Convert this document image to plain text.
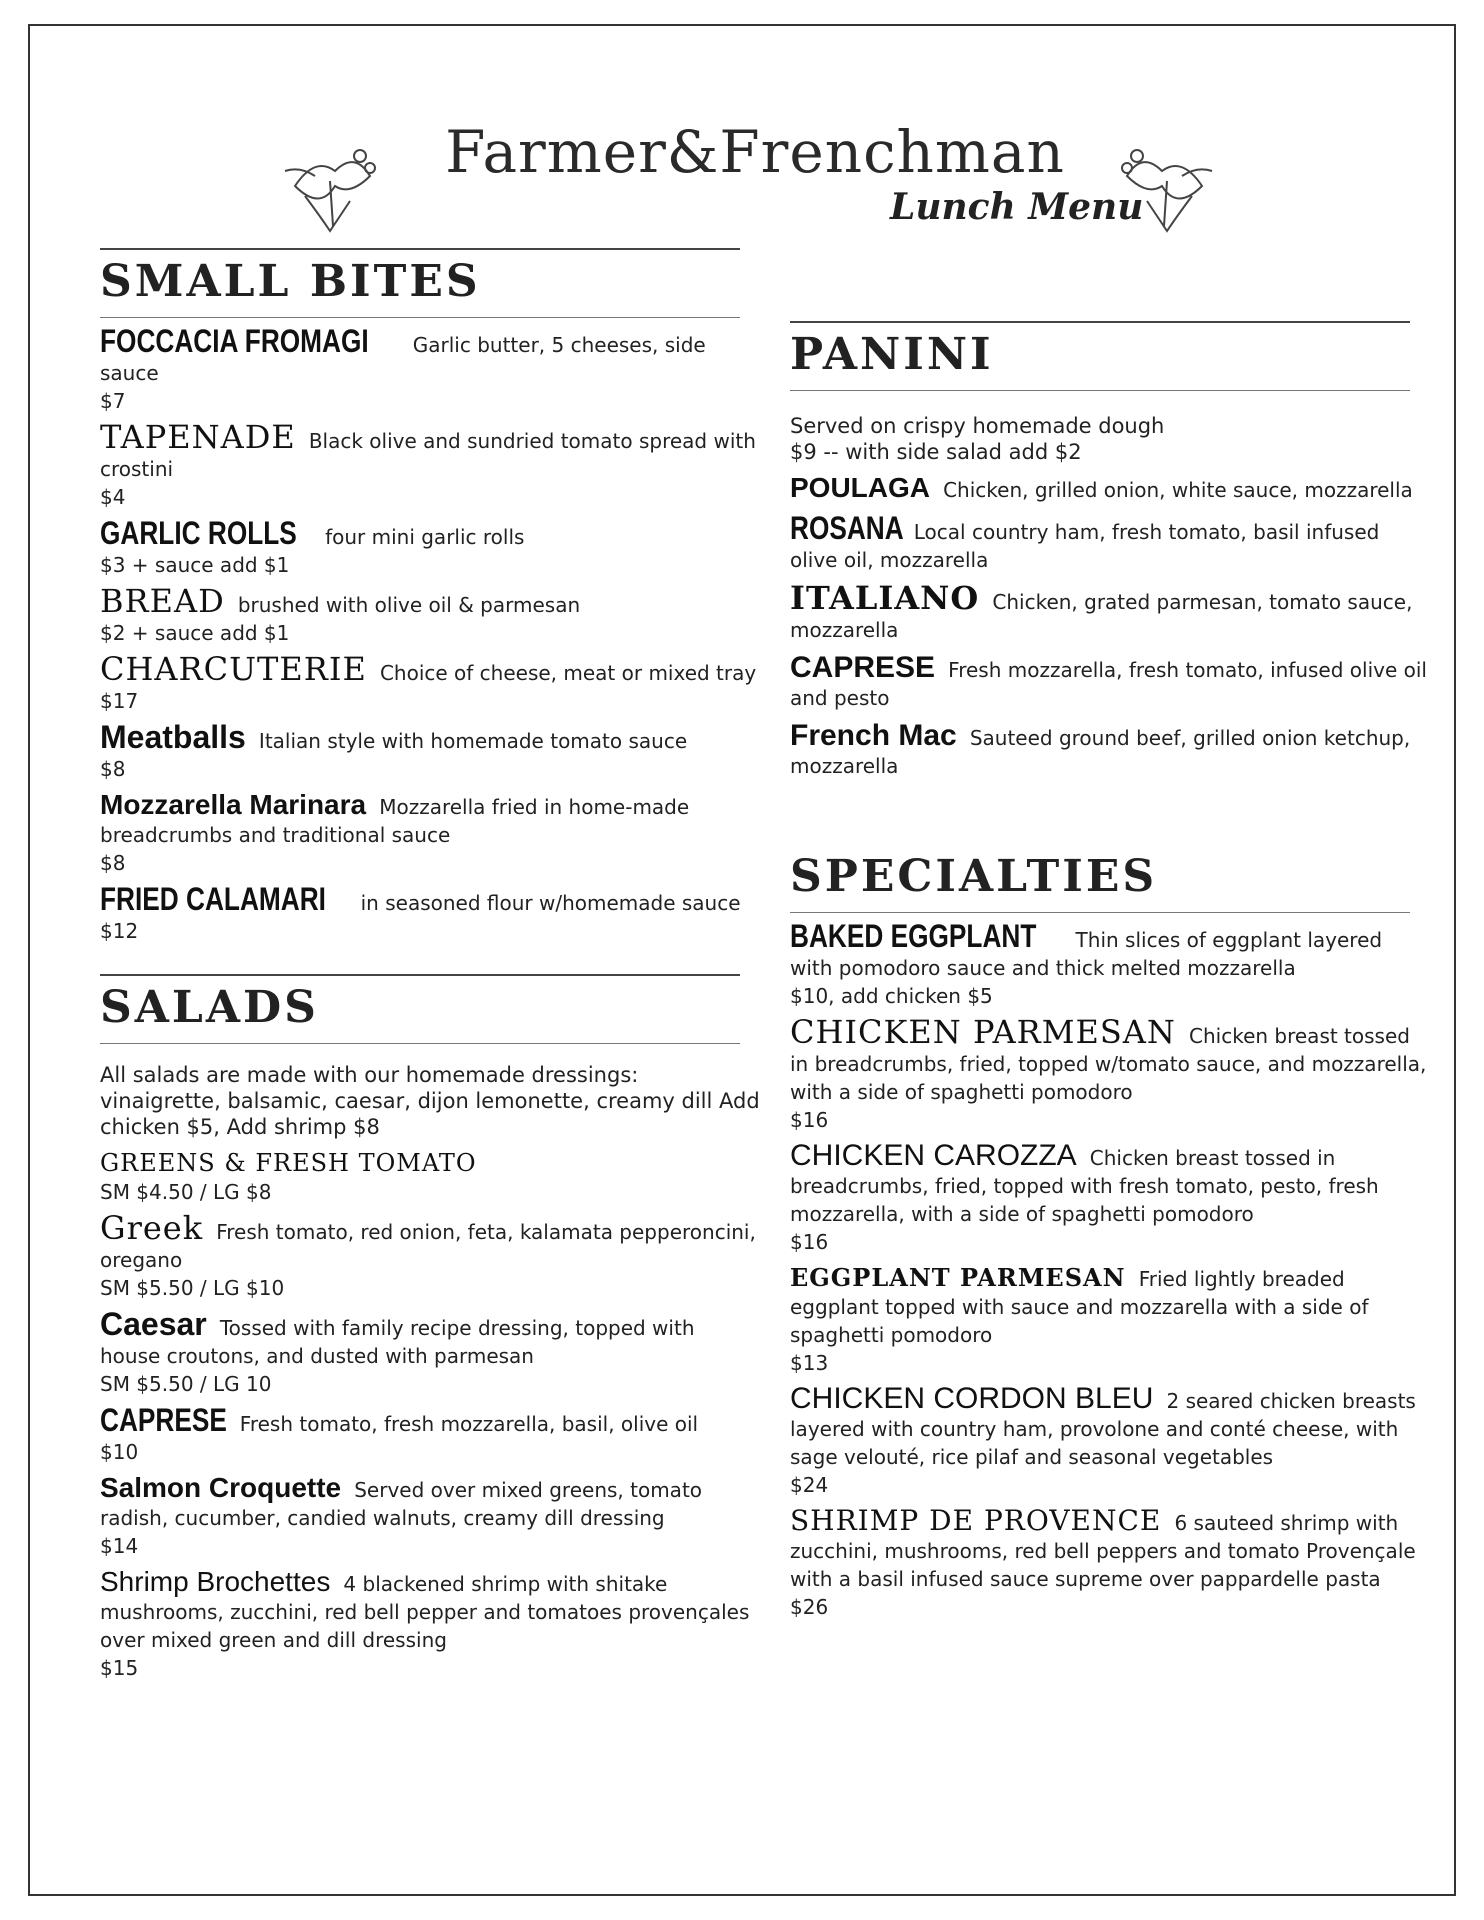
Farmer&Frenchman
Lunch Menu
SMALL BITES
FOCCACIA FROMAGI Garlic butter, 5 cheeses, side sauce
$7
TAPENADE Black olive and sundried tomato spread with crostini
$4
GARLIC ROLLS four mini garlic rolls
$3 + sauce add $1
BREAD brushed with olive oil & parmesan
$2 + sauce add $1
CHARCUTERIE Choice of cheese, meat or mixed tray
$17
Meatballs Italian style with homemade tomato sauce
$8
Mozzarella Marinara Mozzarella fried in home-made breadcrumbs and traditional sauce
$8
FRIED CALAMARI in seasoned flour w/homemade sauce
$12
SALADS
All salads are made with our homemade dressings: vinaigrette, balsamic, caesar, dijon lemonette, creamy dill Add chicken $5, Add shrimp $8
GREENS & FRESH TOMATO
SM $4.50 / LG $8
Greek Fresh tomato, red onion, feta, kalamata pepperoncini, oregano
SM $5.50 / LG $10
Caesar Tossed with family recipe dressing, topped with house croutons, and dusted with parmesan
SM $5.50 / LG 10
CAPRESE Fresh tomato, fresh mozzarella, basil, olive oil
$10
Salmon Croquette Served over mixed greens, tomato radish, cucumber, candied walnuts, creamy dill dressing
$14
Shrimp Brochettes 4 blackened shrimp with shitake mushrooms, zucchini, red bell pepper and tomatoes provençales over mixed green and dill dressing
$15
PANINI
Served on crispy homemade dough
$9 -- with side salad add $2
POULAGA Chicken, grilled onion, white sauce, mozzarella
ROSANA Local country ham, fresh tomato, basil infused olive oil, mozzarella
ITALIANO Chicken, grated parmesan, tomato sauce, mozzarella
CAPRESE Fresh mozzarella, fresh tomato, infused olive oil and pesto
French Mac Sauteed ground beef, grilled onion ketchup, mozzarella
SPECIALTIES
BAKED EGGPLANT Thin slices of eggplant layered with pomodoro sauce and thick melted mozzarella
$10, add chicken $5
CHICKEN PARMESAN Chicken breast tossed in breadcrumbs, fried, topped w/tomato sauce, and mozzarella, with a side of spaghetti pomodoro
$16
CHICKEN CAROZZA Chicken breast tossed in breadcrumbs, fried, topped with fresh tomato, pesto, fresh mozzarella, with a side of spaghetti pomodoro
$16
EGGPLANT PARMESAN Fried lightly breaded eggplant topped with sauce and mozzarella with a side of spaghetti pomodoro
$13
CHICKEN CORDON BLEU 2 seared chicken breasts layered with country ham, provolone and conté cheese, with sage velouté, rice pilaf and seasonal vegetables
$24
SHRIMP DE PROVENCE 6 sauteed shrimp with zucchini, mushrooms, red bell peppers and tomato Provençale with a basil infused sauce supreme over pappardelle pasta
$26
